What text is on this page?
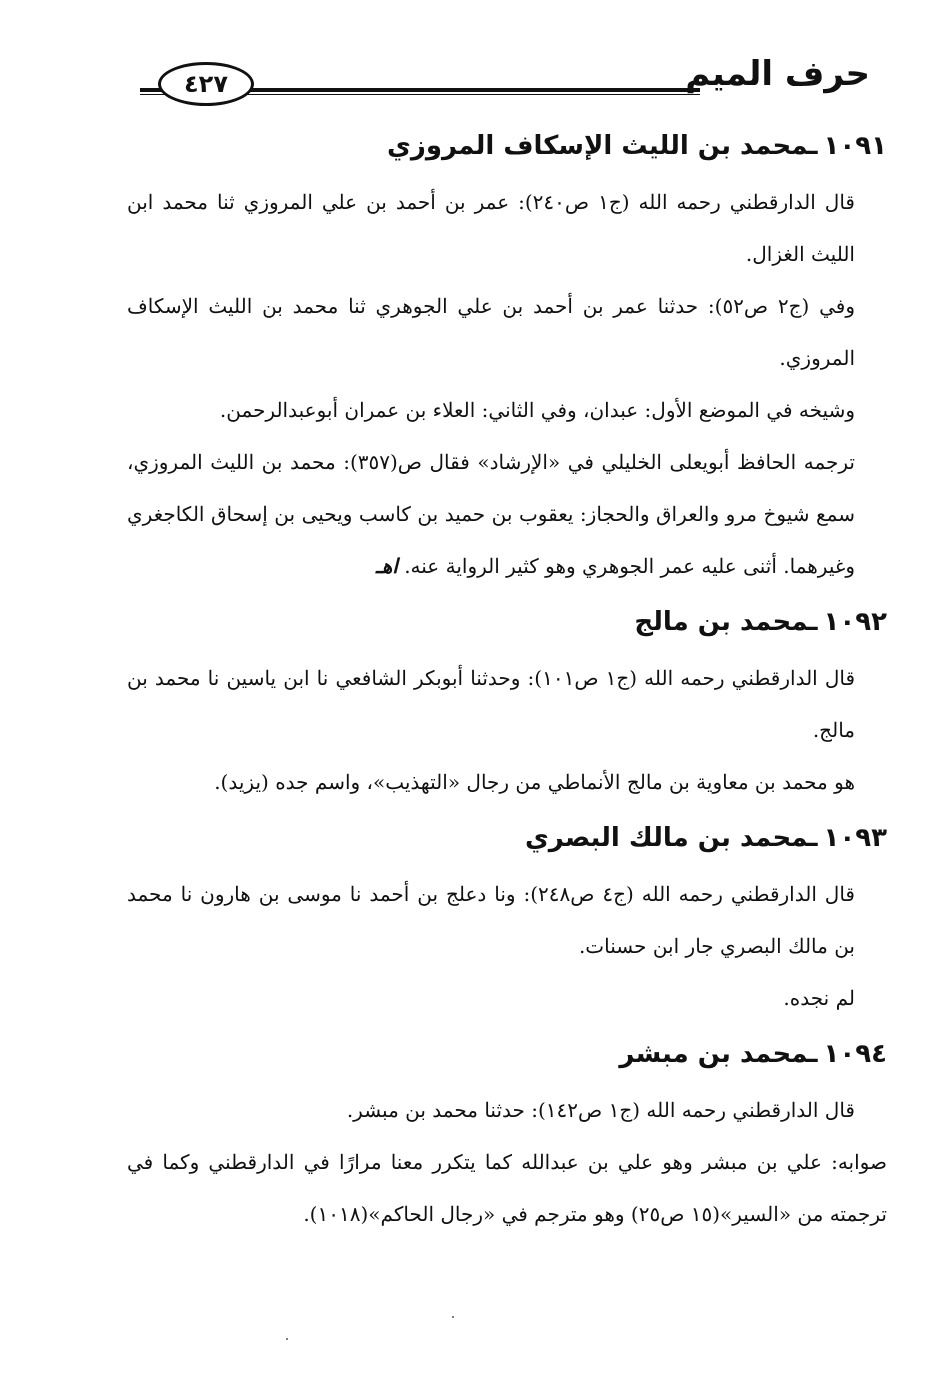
حرف الميم
٤٢٧
١٠٩١ـمحمد بن الليث الإسكاف المروزي

قال الدارقطني رحمه الله (ج١ ص٢٤٠): عمر بن أحمد بن علي المروزي ثنا محمد ابن الليث الغزال.

وفي (ج٢ ص٥٢): حدثنا عمر بن أحمد بن علي الجوهري ثنا محمد بن الليث الإسكاف المروزي.

وشيخه في الموضع الأول: عبدان، وفي الثاني: العلاء بن عمران أبوعبدالرحمن.

ترجمه الحافظ أبويعلى الخليلي في «الإرشاد» فقال ص(٣٥٧): محمد بن الليث المروزي، سمع شيوخ مرو والعراق والحجاز: يعقوب بن حميد بن كاسب ويحيى بن إسحاق الكاجغري وغيرهما. أثنى عليه عمر الجوهري وهو كثير الرواية عنه. اهـ

١٠٩٢ـمحمد بن مالج

قال الدارقطني رحمه الله (ج١ ص١٠١): وحدثنا أبوبكر الشافعي نا ابن ياسين نا محمد بن مالج.

هو محمد بن معاوية بن مالج الأنماطي من رجال «التهذيب»، واسم جده (يزيد).

١٠٩٣ـمحمد بن مالك البصري

قال الدارقطني رحمه الله (ج٤ ص٢٤٨): ونا دعلج بن أحمد نا موسى بن هارون نا محمد بن مالك البصري جار ابن حسنات.

لم نجده.

١٠٩٤ـمحمد بن مبشر

قال الدارقطني رحمه الله (ج١ ص١٤٢): حدثنا محمد بن مبشر.

صوابه: علي بن مبشر وهو علي بن عبدالله كما يتكرر معنا مرارًا في الدارقطني وكما في ترجمته من «السير»(١٥ ص٢٥) وهو مترجم في «رجال الحاكم»(١٠١٨).
